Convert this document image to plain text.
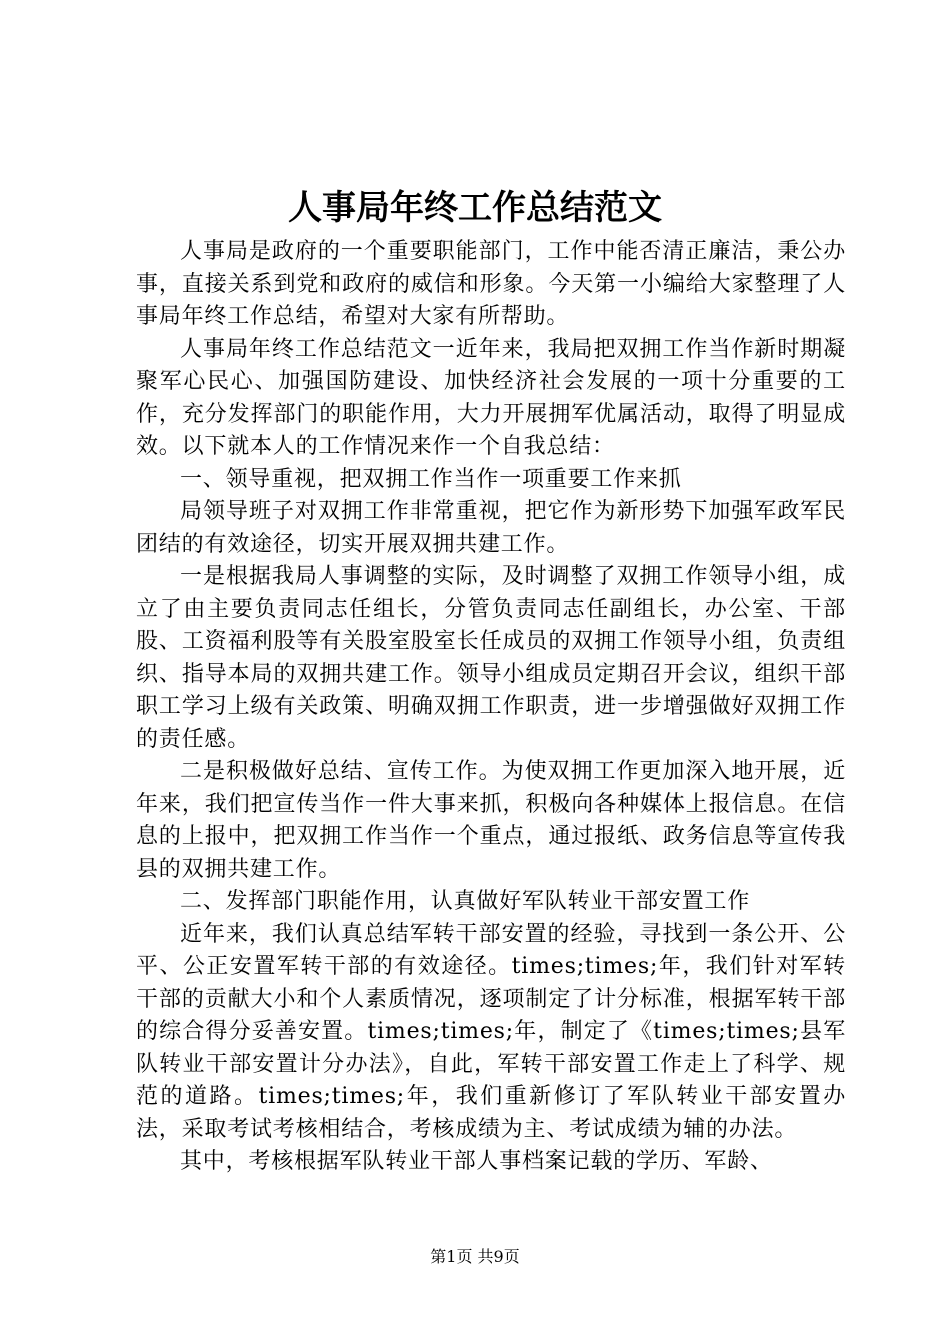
人事局年终工作总结范文

人事局是政府的一个重要职能部门，工作中能否清正廉洁，秉公办事，直接关系到党和政府的威信和形象。今天第一小编给大家整理了人事局年终工作总结，希望对大家有所帮助。

人事局年终工作总结范文一近年来，我局把双拥工作当作新时期凝聚军心民心、加强国防建设、加快经济社会发展的一项十分重要的工作，充分发挥部门的职能作用，大力开展拥军优属活动，取得了明显成效。以下就本人的工作情况来作一个自我总结：

一、领导重视，把双拥工作当作一项重要工作来抓

局领导班子对双拥工作非常重视，把它作为新形势下加强军政军民团结的有效途径，切实开展双拥共建工作。

一是根据我局人事调整的实际，及时调整了双拥工作领导小组，成立了由主要负责同志任组长，分管负责同志任副组长，办公室、干部股、工资福利股等有关股室股室长任成员的双拥工作领导小组，负责组织、指导本局的双拥共建工作。领导小组成员定期召开会议，组织干部职工学习上级有关政策、明确双拥工作职责，进一步增强做好双拥工作的责任感。

二是积极做好总结、宣传工作。为使双拥工作更加深入地开展，近年来，我们把宣传当作一件大事来抓，积极向各种媒体上报信息。在信息的上报中，把双拥工作当作一个重点，通过报纸、政务信息等宣传我县的双拥共建工作。

二、发挥部门职能作用，认真做好军队转业干部安置工作

近年来，我们认真总结军转干部安置的经验，寻找到一条公开、公平、公正安置军转干部的有效途径。times;times;年，我们针对军转干部的贡献大小和个人素质情况，逐项制定了计分标准，根据军转干部的综合得分妥善安置。times;times;年，制定了《times;times;县军队转业干部安置计分办法》，自此，军转干部安置工作走上了科学、规范的道路。times;times;年，我们重新修订了军队转业干部安置办法，采取考试考核相结合，考核成绩为主、考试成绩为辅的办法。

其中，考核根据军队转业干部人事档案记载的学历、军龄、

第1页 共9页
